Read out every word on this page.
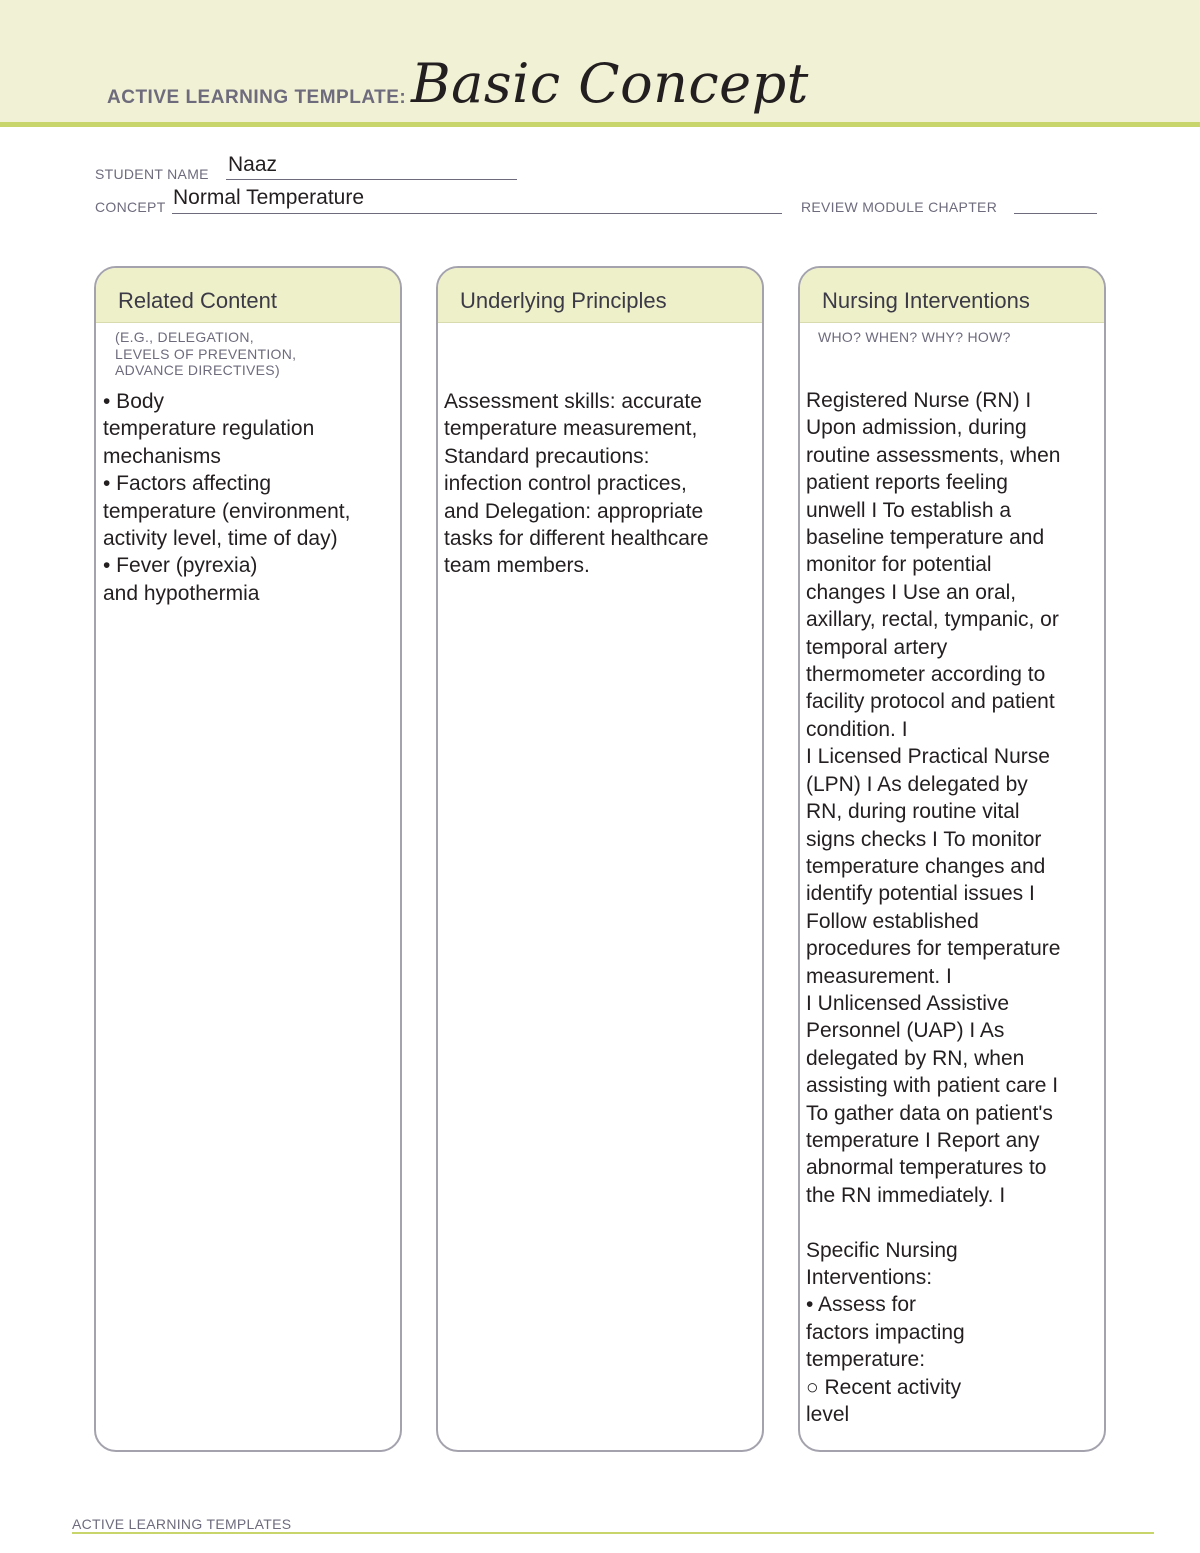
ACTIVE LEARNING TEMPLATE: Basic Concept
STUDENT NAME Naaz
CONCEPT Normal Temperature	REVIEW MODULE CHAPTER
Related Content
(E.G., DELEGATION,
LEVELS OF PREVENTION,
ADVANCE DIRECTIVES)
• Body
temperature regulation
mechanisms
• Factors affecting
temperature (environment,
activity level, time of day)
• Fever (pyrexia)
and hypothermia
Underlying Principles
Assessment skills: accurate
temperature measurement,
Standard precautions:
infection control practices,
and Delegation: appropriate
tasks for different healthcare
team members.
Nursing Interventions
WHO? WHEN? WHY? HOW?
Registered Nurse (RN) I
Upon admission, during
routine assessments, when
patient reports feeling
unwell I To establish a
baseline temperature and
monitor for potential
changes I Use an oral,
axillary, rectal, tympanic, or
temporal artery
thermometer according to
facility protocol and patient
condition. I
I Licensed Practical Nurse
(LPN) I As delegated by
RN, during routine vital
signs checks I To monitor
temperature changes and
identify potential issues I
Follow established
procedures for temperature
measurement. I
I Unlicensed Assistive
Personnel (UAP) I As
delegated by RN, when
assisting with patient care I
To gather data on patient's
temperature I Report any
abnormal temperatures to
the RN immediately. I

Specific Nursing
Interventions:
• Assess for
factors impacting
temperature:
○ Recent activity
level
ACTIVE LEARNING TEMPLATES
